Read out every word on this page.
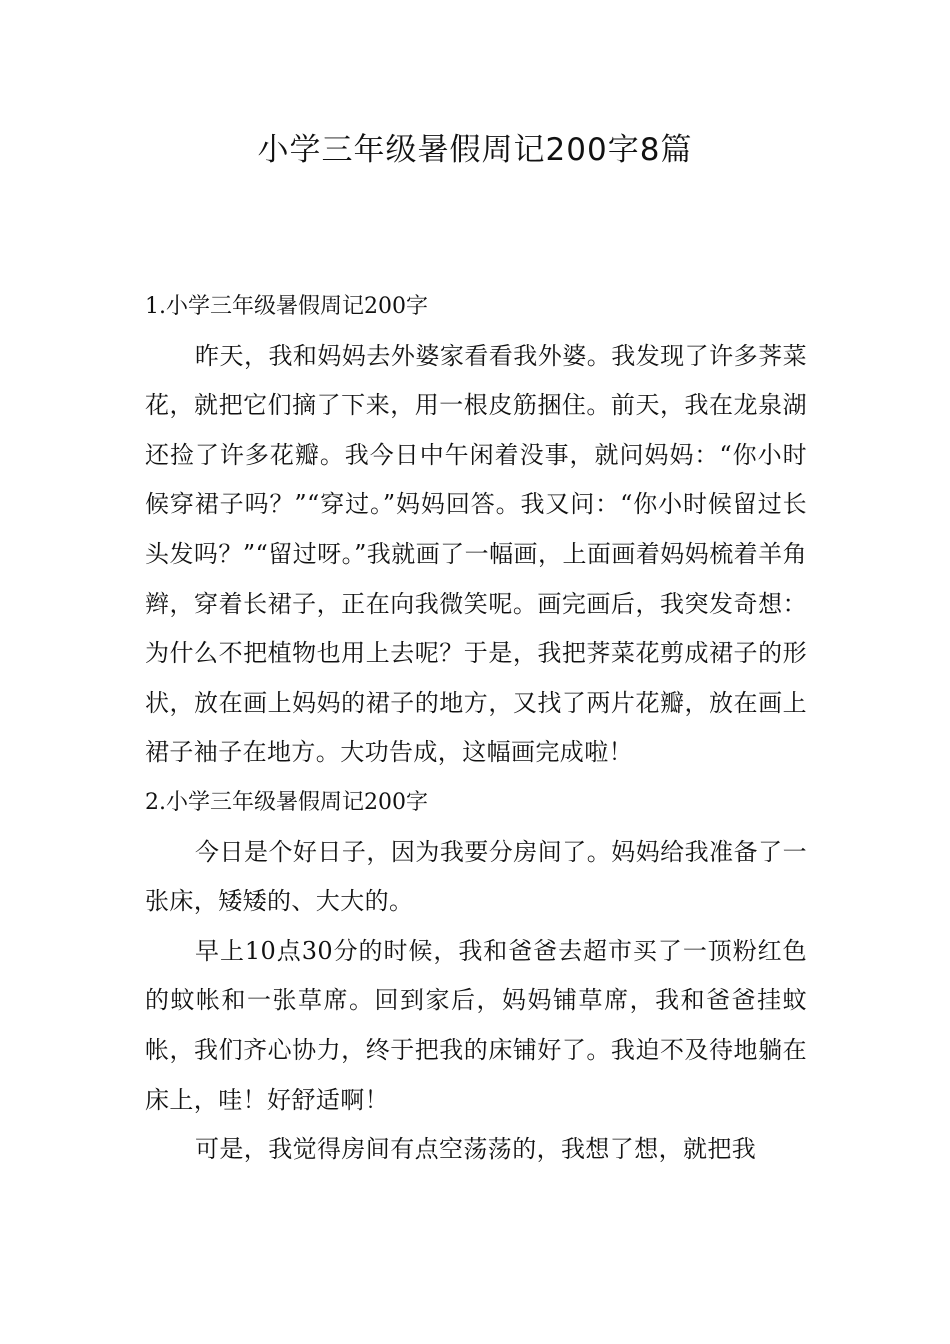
小学三年级暑假周记200字8篇
1.小学三年级暑假周记200字

昨天，我和妈妈去外婆家看看我外婆。我发现了许多荠菜花，就把它们摘了下来，用一根皮筋捆住。前天，我在龙泉湖还捡了许多花瓣。我今日中午闲着没事，就问妈妈：“你小时候穿裙子吗？”“穿过。”妈妈回答。我又问：“你小时候留过长头发吗？”“留过呀。”我就画了一幅画，上面画着妈妈梳着羊角辫，穿着长裙子，正在向我微笑呢。画完画后，我突发奇想：为什么不把植物也用上去呢？于是，我把荠菜花剪成裙子的形状，放在画上妈妈的裙子的地方，又找了两片花瓣，放在画上裙子袖子在地方。大功告成，这幅画完成啦！

2.小学三年级暑假周记200字

今日是个好日子，因为我要分房间了。妈妈给我准备了一张床，矮矮的、大大的。

早上10点30分的时候，我和爸爸去超市买了一顶粉红色的蚊帐和一张草席。回到家后，妈妈铺草席，我和爸爸挂蚊帐，我们齐心协力，终于把我的床铺好了。我迫不及待地躺在床上，哇！好舒适啊！

可是，我觉得房间有点空荡荡的，我想了想，就把我
